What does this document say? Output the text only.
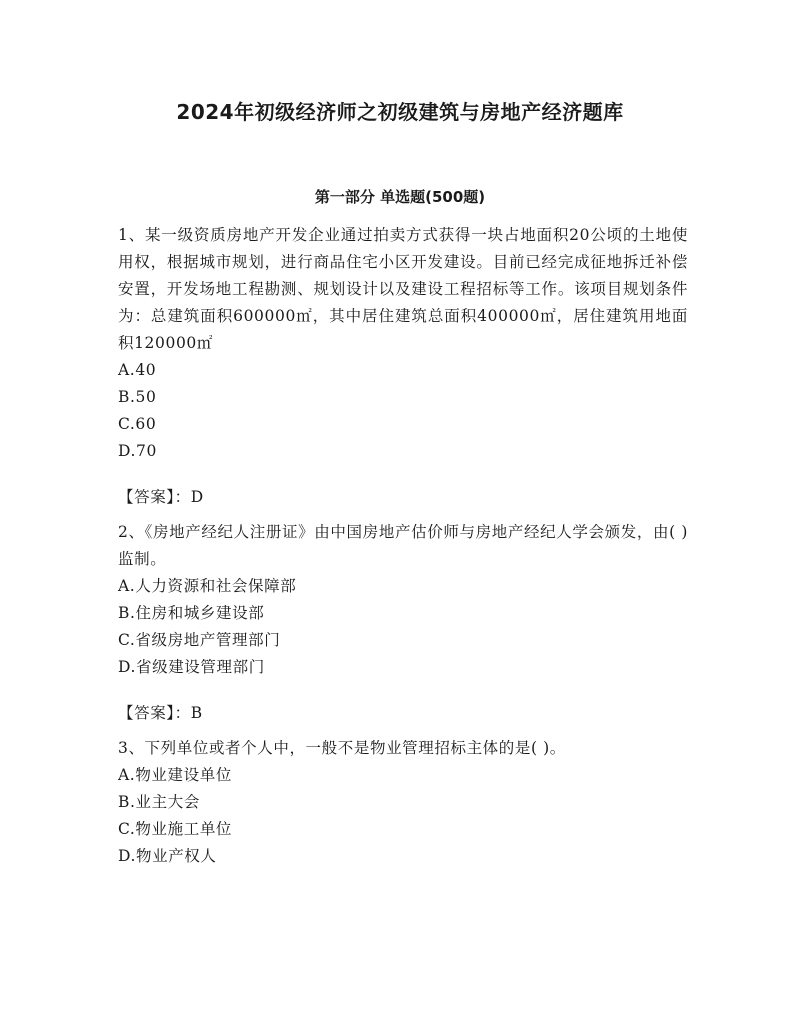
2024年初级经济师之初级建筑与房地产经济题库
第一部分 单选题(500题)

1、某一级资质房地产开发企业通过拍卖方式获得一块占地面积20公顷的土地使用权，根据城市规划，进行商品住宅小区开发建设。目前已经完成征地拆迁补偿安置，开发场地工程勘测、规划设计以及建设工程招标等工作。该项目规划条件为：总建筑面积600000㎡，其中居住建筑总面积400000㎡，居住建筑用地面积120000㎡

A.40

B.50

C.60

D.70

【答案】：D

2、《房地产经纪人注册证》由中国房地产估价师与房地产经纪人学会颁发，由( )监制。

A.人力资源和社会保障部

B.住房和城乡建设部

C.省级房地产管理部门

D.省级建设管理部门

【答案】：B

3、下列单位或者个人中，一般不是物业管理招标主体的是( )。

A.物业建设单位

B.业主大会

C.物业施工单位

D.物业产权人
